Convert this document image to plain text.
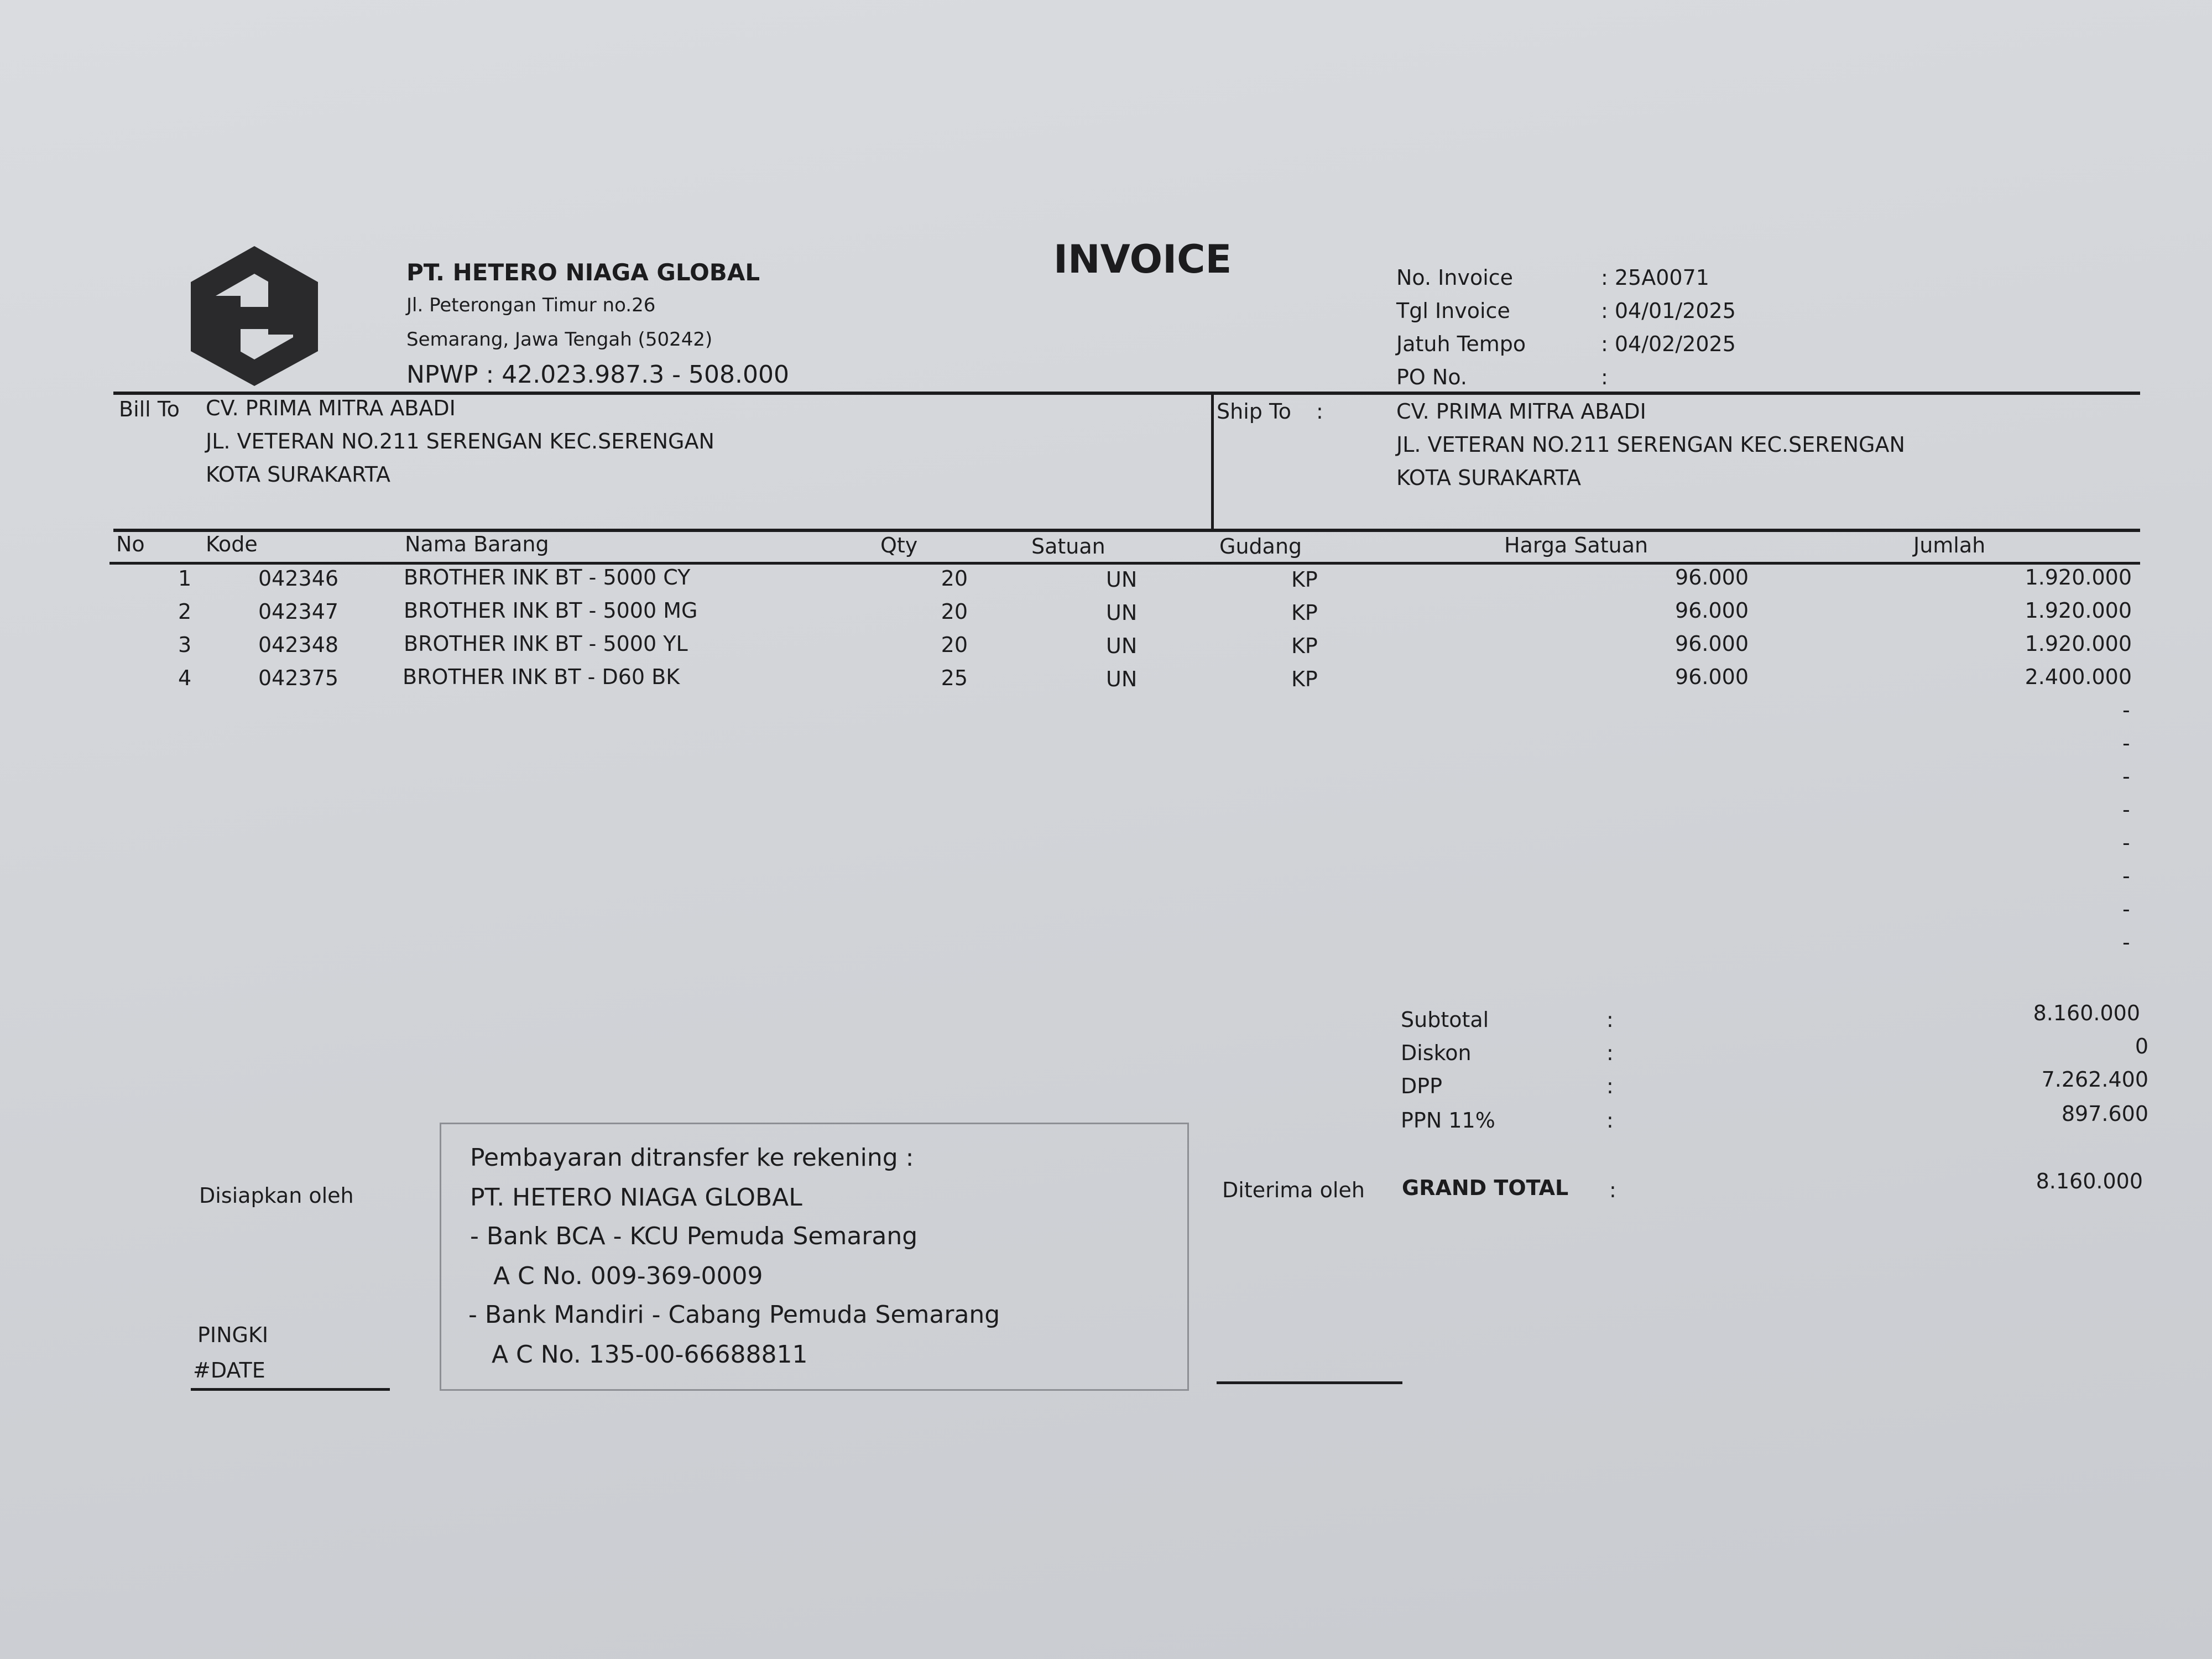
PT. HETERO NIAGA GLOBAL
Jl. Peterongan Timur no.26
Semarang, Jawa Tengah (50242)
NPWP : 42.023.987.3 - 508.000
INVOICE	No. Invoice	: 25A0071
Tgl Invoice	: 04/01/2025
Jatuh Tempo	: 04/02/2025
PO No.	:
Bill To CV. PRIMA MITRA ABADI
JL. VETERAN NO.211 SERENGAN KEC.SERENGAN
KOTA SURAKARTA
Ship To :	CV. PRIMA MITRA ABADI
JL. VETERAN NO.211 SERENGAN KEC.SERENGAN
KOTA SURAKARTA
No	Kode	Nama Barang	Qty	Satuan	Gudang	Harga Satuan	Jumlah
1	042346	BROTHER INK BT - 5000 CY	20	UN	KP	96.000	1.920.000
2	042347	BROTHER INK BT - 5000 MG	20	UN	KP	96.000	1.920.000
3	042348	BROTHER INK BT - 5000 YL	20	UN	KP	96.000	1.920.000
4	042375	BROTHER INK BT - D60 BK	25	UN	KP	96.000	2.400.000
-
-
-
-
-
-
-
-
Subtotal	:	8.160.000
Diskon	:	0
DPP	:	7.262.400
PPN 11%	:	897.600
GRAND TOTAL :	8.160.000
Disiapkan oleh
PINGKI
#DATE
Pembayaran ditransfer ke rekening :
PT. HETERO NIAGA GLOBAL
- Bank BCA - KCU Pemuda Semarang
A C No. 009-369-0009
- Bank Mandiri - Cabang Pemuda Semarang
A C No. 135-00-66688811
Diterima oleh
